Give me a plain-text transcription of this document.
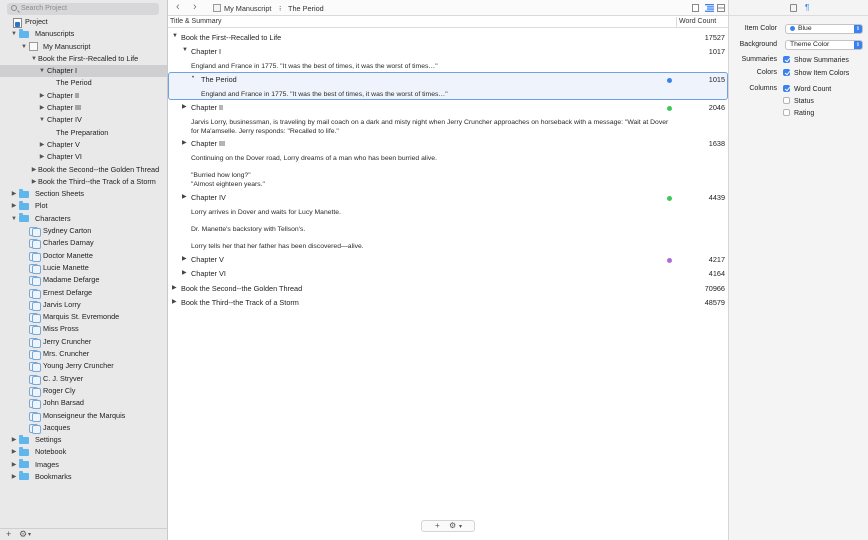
Search Project
Project
▼ Manuscripts
▼ My Manuscript
▼ Book the First--Recalled to Life
▼ Chapter I
The Period
▶ Chapter II
▶ Chapter III
▼ Chapter IV
The Preparation
▶ Chapter V
▶ Chapter VI
▶ Book the Second--the Golden Thread
▶ Book the Third--the Track of a Storm
▶	Section Sheets
▶	Plot
▼ Characters
Sydney Carton
Charles Darnay
Doctor Manette
Lucie Manette
Madame Defarge
Ernest Defarge
Jarvis Lorry
Marquis St. Evremonde
Miss Pross
Jerry Cruncher
Mrs. Cruncher
Young Jerry Cruncher
C. J. Stryver
Roger Cly
John Barsad
Monseigneur the Marquis
Jacques
▶	Settings
▶	Notebook
▶	Images
▶	Bookmarks
+ ⚙ ▾
‹ ›	My Manuscript ⁝ The Period
Title & Summary	Word Count
▼ Book the First--Recalled to Life	17527
▼ Chapter I	1017
England and France in 1775. "It was the best of times, it was the worst of times…"
• The Period	1015
England and France in 1775. "It was the best of times, it was the worst of times…"
▶ Chapter II	2046
Jarvis Lorry, businessman, is traveling by mail coach on a dark and misty night when Jerry Cruncher approaches on horseback with a message: "Wait at Dover
for Ma'amselle. Jerry responds: "Recalled to life."
▶ Chapter III	1638
Continuing on the Dover road, Lorry dreams of a man who has been burried alive.
"Burried how long?"
"Almost eighteen years."
▶ Chapter IV	4439
Lorry arrives in Dover and waits for Lucy Manette.
Dr. Manette's backstory with Tellson's.
Lorry tells her that her father has been discovered—alive.
▶ Chapter V	4217
▶ Chapter VI	4164
▶ Book the Second--the Golden Thread	70966
▶ Book the Third--the Track of a Storm	48579
+ ⚙ ▾
¶
Item Color	Blue	⇕
Background	Theme Color	⇕
Summaries	Show Summaries
Colors	Show Item Colors
Columns	Word Count
Status
Rating
